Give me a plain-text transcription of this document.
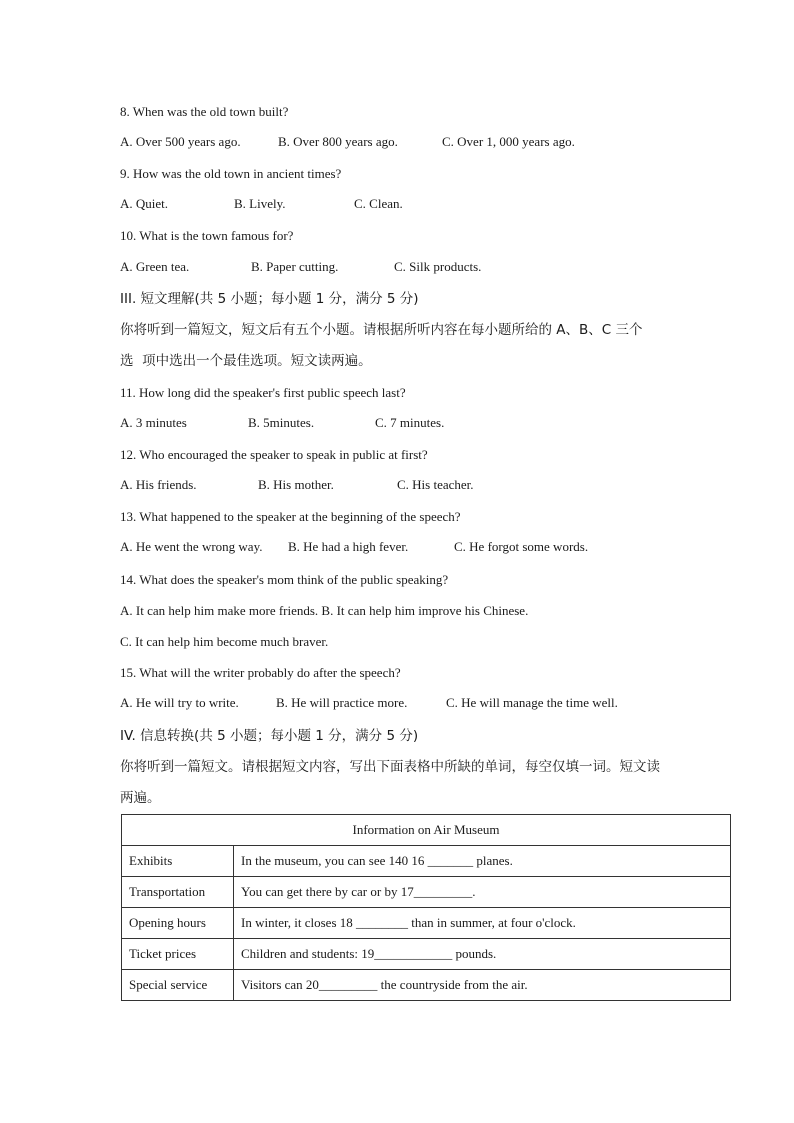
8. When was the old town built?
A. Over 500 years ago.	B. Over 800 years ago.	C. Over 1, 000 years ago.
9. How was the old town in ancient times?
A. Quiet.	B. Lively.	C. Clean.
10. What is the town famous for?
A. Green tea.	B. Paper cutting.	C. Silk products.
III. 短文理解(共 5 小题；每小题 1 分，满分 5 分)
你将听到一篇短文，短文后有五个小题。请根据所听内容在每小题所给的 A、B、C 三个
选  项中选出一个最佳选项。短文读两遍。
11. How long did the speaker's first public speech last?
A. 3 minutes	B. 5minutes.	C. 7 minutes.
12. Who encouraged the speaker to speak in public at first?
A. His friends.	B. His mother.	C. His teacher.
13. What happened to the speaker at the beginning of the speech?
A. He went the wrong way. B. He had a high fever.	C. He forgot some words.
14. What does the speaker's mom think of the public speaking?
A. It can help him make more friends. B. It can help him improve his Chinese.
C. It can help him become much braver.
15. What will the writer probably do after the speech?
A. He will try to write.	B. He will practice more.	C. He will manage the time well.
IV. 信息转换(共 5 小题；每小题 1 分，满分 5 分)
你将听到一篇短文。请根据短文内容，写出下面表格中所缺的单词，每空仅填一词。短文读
两遍。
Information on Air Museum	
Exhibits	In the museum, you can see 140 16 _______ planes.
Transportation	You can get there by car or by 17_________.
Opening hours	In winter, it closes 18 ________ than in summer, at four o'clock.
Ticket prices	Children and students: 19____________ pounds.
Special service	Visitors can 20_________ the countryside from the air.
